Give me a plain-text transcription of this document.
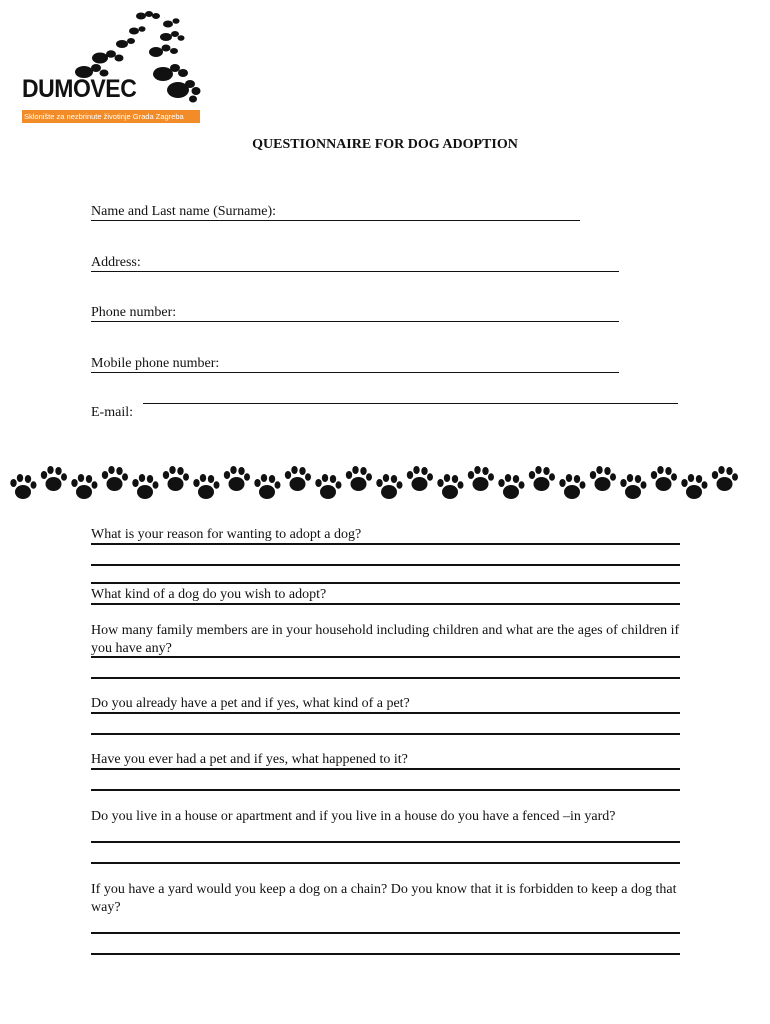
DUMOVEC
Sklonište za nezbrinute životinje Grada Zagreba
QUESTIONNAIRE FOR DOG ADOPTION
Name and Last name (Surname):
Address:
Phone number:
Mobile phone number:
E-mail:
What is your reason for wanting to adopt a dog?
What kind of a dog do you wish to adopt?
How many family members are in your household including children and what are the ages of children if you have any?
Do you already have a pet and if yes, what kind of a pet?
Have you ever had a pet and if yes, what happened to it?
Do you live in a house or apartment and if you live in a house do you have a fenced –in yard?
If you have a yard would you keep a dog on a chain? Do you know that it is forbidden to keep a dog that way?
